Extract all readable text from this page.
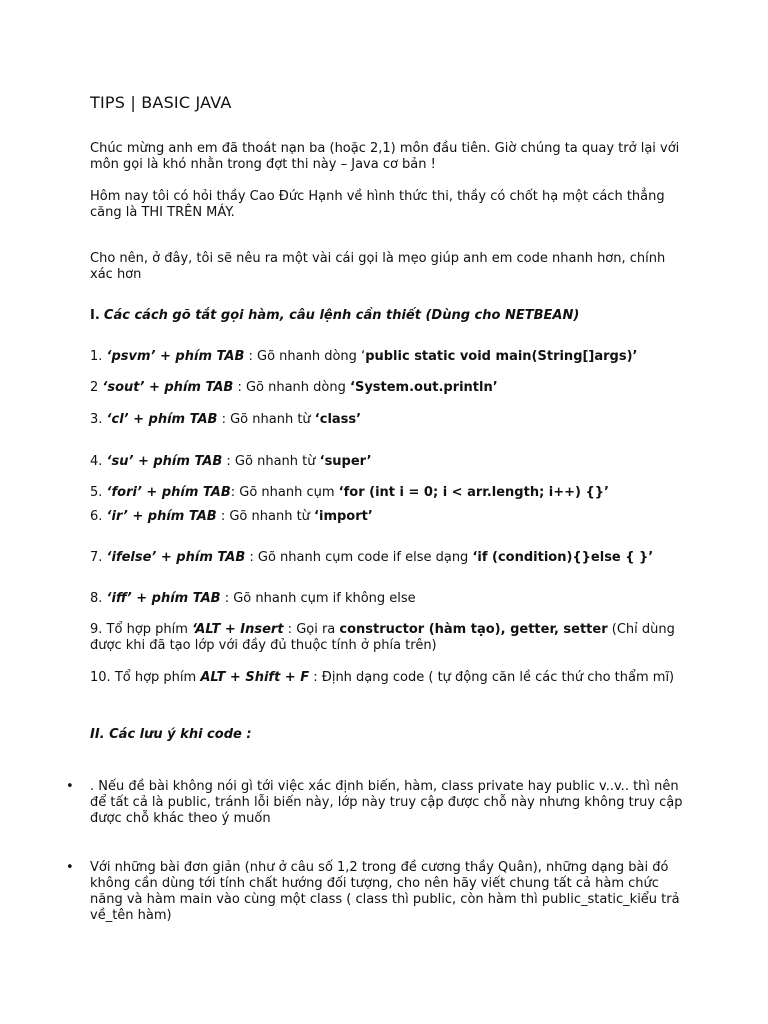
TIPS | BASIC JAVA

Chúc mừng anh em đã thoát nạn ba (hoặc 2,1) môn đầu tiên. Giờ chúng ta quay trở lại với môn gọi là khó nhằn trong đợt thi này – Java cơ bản !

Hôm nay tôi có hỏi thầy Cao Đức Hạnh về hình thức thi, thầy có chốt hạ một cách thẳng căng là THI TRÊN MÁY.

Cho nên, ở đây, tôi sẽ nêu ra một vài cái gọi là mẹo giúp anh em code nhanh hơn, chính xác hơn

I. Các cách gõ tắt gọi hàm, câu lệnh cần thiết (Dùng cho NETBEAN)
1. ‘psvm’ + phím TAB : Gõ nhanh dòng ‘public static void main(String[]args)’
2 ‘sout’ + phím TAB : Gõ nhanh dòng ‘System.out.println’
3. ‘cl’ + phím TAB : Gõ nhanh từ ‘class’
4. ‘su’ + phím TAB : Gõ nhanh từ ‘super’
5. ‘fori’ + phím TAB: Gõ nhanh cụm ‘for (int i = 0; i < arr.length; i++) {}’
6. ‘ir’ + phím TAB : Gõ nhanh từ ‘import’
7. ‘ifelse’ + phím TAB : Gõ nhanh cụm code if else dạng ‘if (condition){}else { }’
8. ‘iff’ + phím TAB : Gõ nhanh cụm if không else
9. Tổ hợp phím ‘ALT + Insert : Gọi ra constructor (hàm tạo), getter, setter (Chỉ dùng được khi đã tạo lớp với đầy đủ thuộc tính ở phía trên)
10. Tổ hợp phím ALT + Shift + F : Định dạng code ( tự động căn lề các thứ cho thẩm mĩ)
II. Các lưu ý khi code :
• . Nếu đề bài không nói gì tới việc xác định biến, hàm, class private hay public v..v.. thì nên để tất cả là public, tránh lỗi biến này, lớp này truy cập được chỗ này nhưng không truy cập được chỗ khác theo ý muốn

• Với những bài đơn giản (như ở câu số 1,2 trong đề cương thầy Quân), những dạng bài đó không cần dùng tới tính chất hướng đối tượng, cho nên hãy viết chung tất cả hàm chức năng và hàm main vào cùng một class ( class thì public, còn hàm thì public_static_kiểu trả về_tên hàm)
